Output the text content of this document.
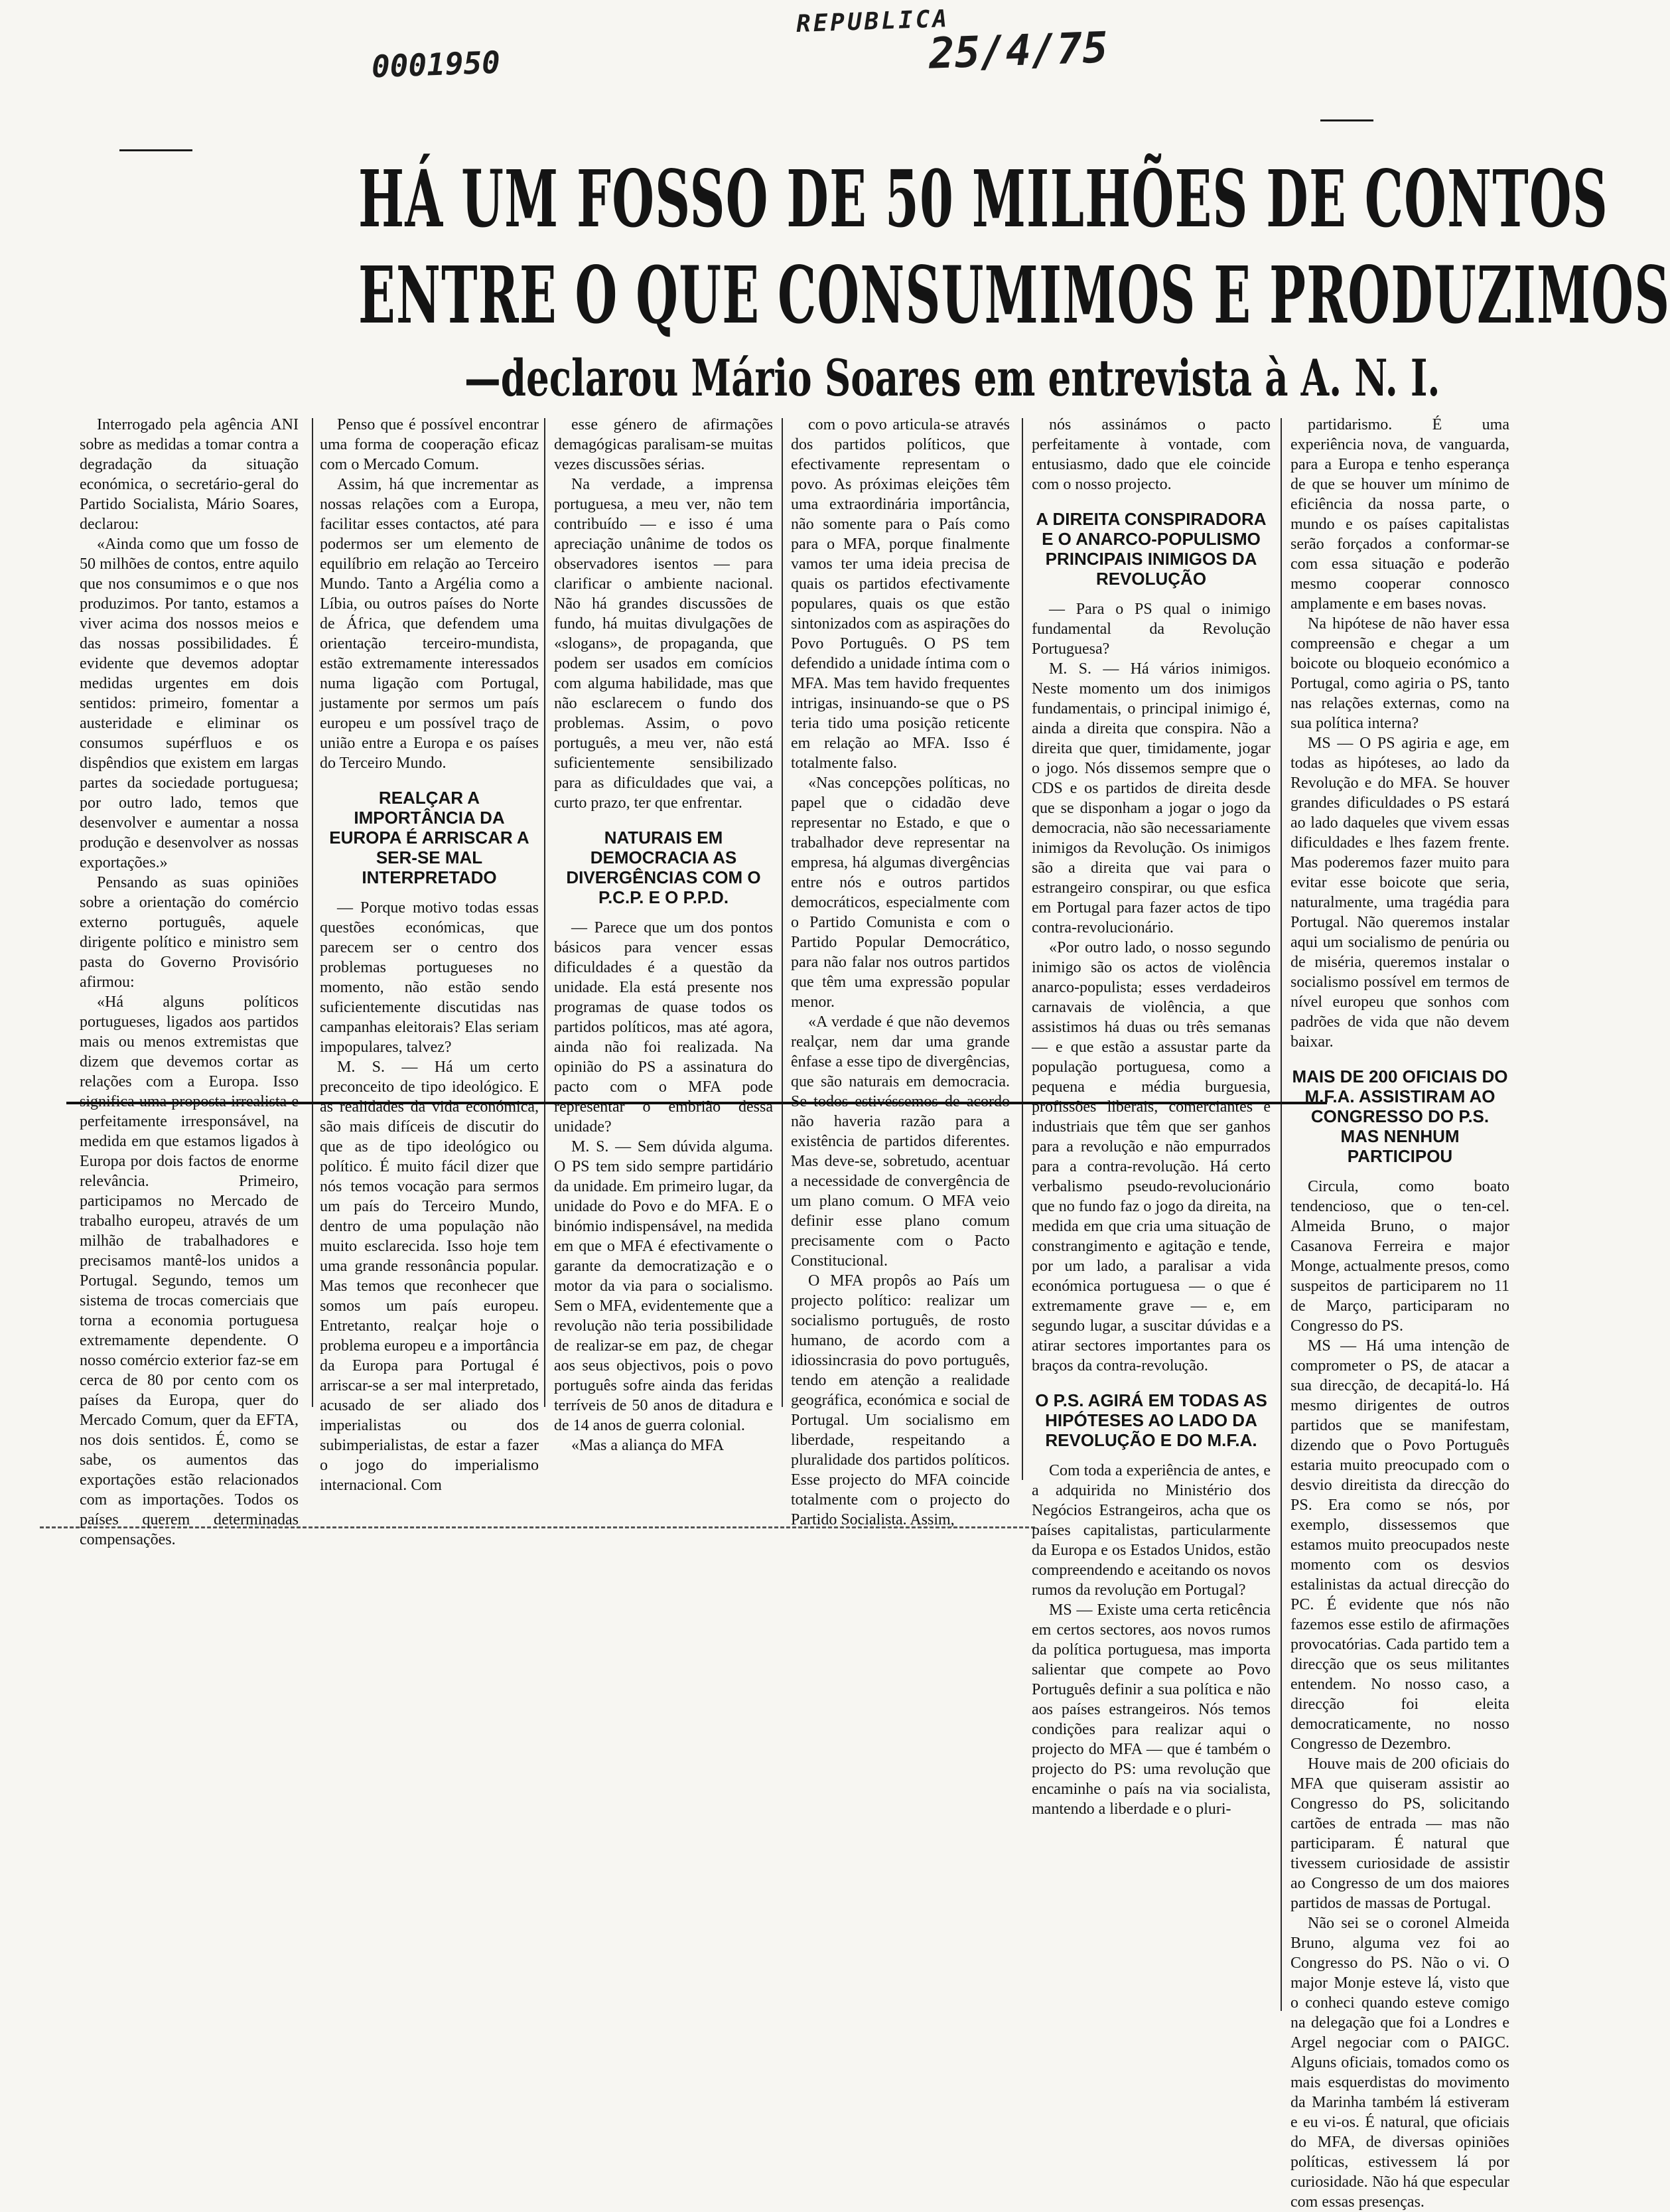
0001950
REPUBLICA
25/4/75
HÁ UM FOSSO DE 50 MILHÕES DE CONTOS
ENTRE O QUE CONSUMIMOS E PRODUZIMOS
—declarou Mário Soares em entrevista à A. N. I.

Interrogado pela agência ANI sobre as medidas a tomar contra a degradação da situação económica, o secretário-geral do Partido Socialista, Mário Soares, declarou:

«Ainda como que um fosso de 50 milhões de contos, entre aquilo que nos consumimos e o que nos produzimos. Por tanto, estamos a viver acima dos nossos meios e das nossas possibilidades. É evidente que devemos adoptar medidas urgentes em dois sentidos: primeiro, fomentar a austeridade e eliminar os consumos supérfluos e os dispêndios que existem em largas partes da sociedade portuguesa; por outro lado, temos que desenvolver e aumentar a nossa produção e desenvolver as nossas exportações.»

Pensando as suas opiniões sobre a orientação do comércio externo português, aquele dirigente político e ministro sem pasta do Governo Provisório afirmou:

«Há alguns políticos portugueses, ligados aos partidos mais ou menos extremistas que dizem que devemos cortar as relações com a Europa. Isso significa uma proposta irrealista e perfeitamente irresponsável, na medida em que estamos ligados à Europa por dois factos de enorme relevância. Primeiro, participamos no Mercado de trabalho europeu, através de um milhão de trabalhadores e precisamos mantê-los unidos a Portugal. Segundo, temos um sistema de trocas comerciais que torna a economia portuguesa extremamente dependente. O nosso comércio exterior faz-se em cerca de 80 por cento com os países da Europa, quer do Mercado Comum, quer da EFTA, nos dois sentidos. É, como se sabe, os aumentos das exportações estão relacionados com as importações. Todos os países querem determinadas compensações.

Penso que é possível encontrar uma forma de cooperação eficaz com o Mercado Comum.

Assim, há que incrementar as nossas relações com a Europa, facilitar esses contactos, até para podermos ser um elemento de equilíbrio em relação ao Terceiro Mundo. Tanto a Argélia como a Líbia, ou outros países do Norte de África, que defendem uma orientação terceiro-mundista, estão extremamente interessados numa ligação com Portugal, justamente por sermos um país europeu e um possível traço de união entre a Europa e os países do Terceiro Mundo.

REALÇAR A IMPORTÂNCIA DA EUROPA É ARRISCAR A SER-SE MAL INTERPRETADO

— Porque motivo todas essas questões económicas, que parecem ser o centro dos problemas portugueses no momento, não estão sendo suficientemente discutidas nas campanhas eleitorais? Elas seriam impopulares, talvez?

M. S. — Há um certo preconceito de tipo ideológico. E as realidades da vida económica, são mais difíceis de discutir do que as de tipo ideológico ou político. É muito fácil dizer que nós temos vocação para sermos um país do Terceiro Mundo, dentro de uma população não muito esclarecida. Isso hoje tem uma grande ressonância popular. Mas temos que reconhecer que somos um país europeu. Entretanto, realçar hoje o problema europeu e a importância da Europa para Portugal é arriscar-se a ser mal interpretado, acusado de ser aliado dos imperialistas ou dos subimperialistas, de estar a fazer o jogo do imperialismo internacional. Com

esse género de afirmações demagógicas paralisam-se muitas vezes discussões sérias.

Na verdade, a imprensa portuguesa, a meu ver, não tem contribuído — e isso é uma apreciação unânime de todos os observadores isentos — para clarificar o ambiente nacional. Não há grandes discussões de fundo, há muitas divulgações de «slogans», de propaganda, que podem ser usados em comícios com alguma habilidade, mas que não esclarecem o fundo dos problemas. Assim, o povo português, a meu ver, não está suficientemente sensibilizado para as dificuldades que vai, a curto prazo, ter que enfrentar.

NATURAIS EM DEMOCRACIA AS DIVERGÊNCIAS COM O P.C.P. E O P.P.D.

— Parece que um dos pontos básicos para vencer essas dificuldades é a questão da unidade. Ela está presente nos programas de quase todos os partidos políticos, mas até agora, ainda não foi realizada. Na opinião do PS a assinatura do pacto com o MFA pode representar o embrião dessa unidade?

M. S. — Sem dúvida alguma. O PS tem sido sempre partidário da unidade. Em primeiro lugar, da unidade do Povo e do MFA. E o binómio indispensável, na medida em que o MFA é efectivamente o garante da democratização e o motor da via para o socialismo. Sem o MFA, evidentemente que a revolução não teria possibilidade de realizar-se em paz, de chegar aos seus objectivos, pois o povo português sofre ainda das feridas terríveis de 50 anos de ditadura e de 14 anos de guerra colonial.

«Mas a aliança do MFA

com o povo articula-se através dos partidos políticos, que efectivamente representam o povo. As próximas eleições têm uma extraordinária importância, não somente para o País como para o MFA, porque finalmente vamos ter uma ideia precisa de quais os partidos efectivamente populares, quais os que estão sintonizados com as aspirações do Povo Português. O PS tem defendido a unidade íntima com o MFA. Mas tem havido frequentes intrigas, insinuando-se que o PS teria tido uma posição reticente em relação ao MFA. Isso é totalmente falso.

«Nas concepções políticas, no papel que o cidadão deve representar no Estado, e que o trabalhador deve representar na empresa, há algumas divergências entre nós e outros partidos democráticos, especialmente com o Partido Comunista e com o Partido Popular Democrático, para não falar nos outros partidos que têm uma expressão popular menor.

«A verdade é que não devemos realçar, nem dar uma grande ênfase a esse tipo de divergências, que são naturais em democracia. Se todos estivéssemos de acordo não haveria razão para a existência de partidos diferentes. Mas deve-se, sobretudo, acentuar a necessidade de convergência de um plano comum. O MFA veio definir esse plano comum precisamente com o Pacto Constitucional.

O MFA propôs ao País um projecto político: realizar um socialismo português, de rosto humano, de acordo com a idiossincrasia do povo português, tendo em atenção a realidade geográfica, económica e social de Portugal. Um socialismo em liberdade, respeitando a pluralidade dos partidos políticos. Esse projecto do MFA coincide totalmente com o projecto do Partido Socialista. Assim,

nós assinámos o pacto perfeitamente à vontade, com entusiasmo, dado que ele coincide com o nosso projecto.

A DIREITA CONSPIRADORA E O ANARCO-POPULISMO PRINCIPAIS INIMIGOS DA REVOLUÇÃO

— Para o PS qual o inimigo fundamental da Revolução Portuguesa?

M. S. — Há vários inimigos. Neste momento um dos inimigos fundamentais, o principal inimigo é, ainda a direita que conspira. Não a direita que quer, timidamente, jogar o jogo. Nós dissemos sempre que o CDS e os partidos de direita desde que se disponham a jogar o jogo da democracia, não são necessariamente inimigos da Revolução. Os inimigos são a direita que vai para o estrangeiro conspirar, ou que esfica em Portugal para fazer actos de tipo contra-revolucionário.

«Por outro lado, o nosso segundo inimigo são os actos de violência anarco-populista; esses verdadeiros carnavais de violência, a que assistimos há duas ou três semanas — e que estão a assustar parte da população portuguesa, como a pequena e média burguesia, profissões liberais, comerciantes e industriais que têm que ser ganhos para a revolução e não empurrados para a contra-revolução. Há certo verbalismo pseudo-revolucionário que no fundo faz o jogo da direita, na medida em que cria uma situação de constrangimento e agitação e tende, por um lado, a paralisar a vida económica portuguesa — o que é extremamente grave — e, em segundo lugar, a suscitar dúvidas e a atirar sectores importantes para os braços da contra-revolução.

O P.S. AGIRÁ EM TODAS AS HIPÓTESES AO LADO DA REVOLUÇÃO E DO M.F.A.

Com toda a experiência de antes, e a adquirida no Ministério dos Negócios Estrangeiros, acha que os países capitalistas, particularmente da Europa e os Estados Unidos, estão compreendendo e aceitando os novos rumos da revolução em Portugal?

MS — Existe uma certa reticência em certos sectores, aos novos rumos da política portuguesa, mas importa salientar que compete ao Povo Português definir a sua política e não aos países estrangeiros. Nós temos condições para realizar aqui o projecto do MFA — que é também o projecto do PS: uma revolução que encaminhe o país na via socialista, mantendo a liberdade e o pluri-

partidarismo. É uma experiência nova, de vanguarda, para a Europa e tenho esperança de que se houver um mínimo de eficiência da nossa parte, o mundo e os países capitalistas serão forçados a conformar-se com essa situação e poderão mesmo cooperar connosco amplamente e em bases novas.

Na hipótese de não haver essa compreensão e chegar a um boicote ou bloqueio económico a Portugal, como agiria o PS, tanto nas relações externas, como na sua política interna?

MS — O PS agiria e age, em todas as hipóteses, ao lado da Revolução e do MFA. Se houver grandes dificuldades o PS estará ao lado daqueles que vivem essas dificuldades e lhes fazem frente. Mas poderemos fazer muito para evitar esse boicote que seria, naturalmente, uma tragédia para Portugal. Não queremos instalar aqui um socialismo de penúria ou de miséria, queremos instalar o socialismo possível em termos de nível europeu que sonhos com padrões de vida que não devem baixar.

MAIS DE 200 OFICIAIS DO M.F.A. ASSISTIRAM AO CONGRESSO DO P.S. MAS NENHUM PARTICIPOU

Circula, como boato tendencioso, que o ten-cel. Almeida Bruno, o major Casanova Ferreira e major Monge, actualmente presos, como suspeitos de participarem no 11 de Março, participaram no Congresso do PS.

MS — Há uma intenção de comprometer o PS, de atacar a sua direcção, de decapitá-lo. Há mesmo dirigentes de outros partidos que se manifestam, dizendo que o Povo Português estaria muito preocupado com o desvio direitista da direcção do PS. Era como se nós, por exemplo, dissessemos que estamos muito preocupados neste momento com os desvios estalinistas da actual direcção do PC. É evidente que nós não fazemos esse estilo de afirmações provocatórias. Cada partido tem a direcção que os seus militantes entendem. No nosso caso, a direcção foi eleita democraticamente, no nosso Congresso de Dezembro.

Houve mais de 200 oficiais do MFA que quiseram assistir ao Congresso do PS, solicitando cartões de entrada — mas não participaram. É natural que tivessem curiosidade de assistir ao Congresso de um dos maiores partidos de massas de Portugal.

Não sei se o coronel Almeida Bruno, alguma vez foi ao Congresso do PS. Não o vi. O major Monje esteve lá, visto que o conheci quando esteve comigo na delegação que foi a Londres e Argel negociar com o PAIGC. Alguns oficiais, tomados como os mais esquerdistas do movimento da Marinha também lá estiveram e eu vi-os. É natural, que oficiais do MFA, de diversas opiniões políticas, estivessem lá por curiosidade. Não há que especular com essas presenças.
